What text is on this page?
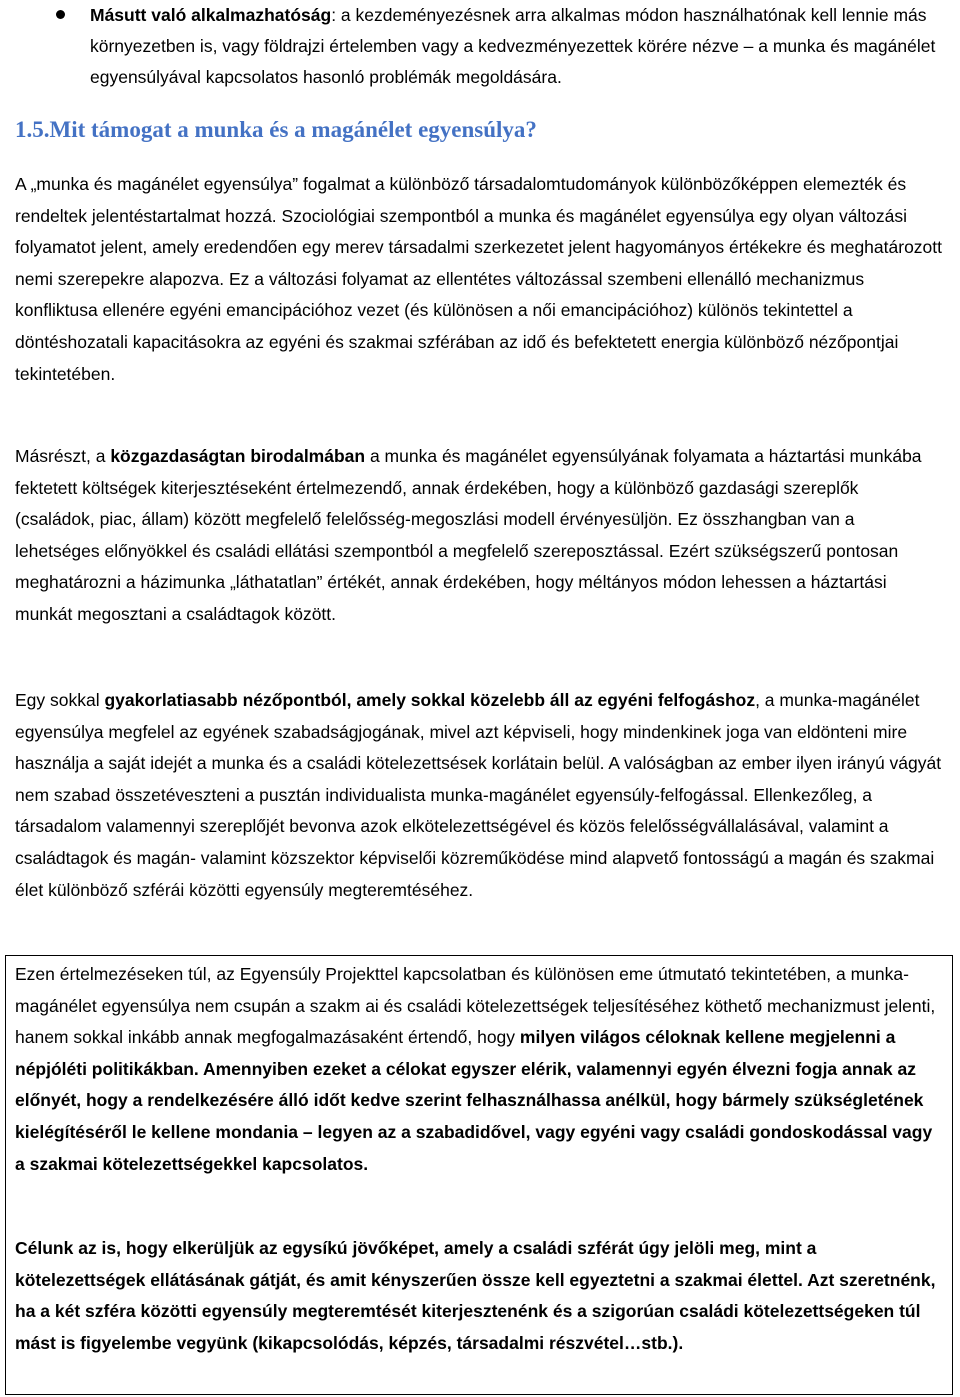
Másutt való alkalmazhatóság: a kezdeményezésnek arra alkalmas módon használhatónak kell lennie más környezetben is, vagy földrajzi értelemben vagy a kedvezményezettek körére nézve – a munka és magánélet egyensúlyával kapcsolatos hasonló problémák megoldására.
1.5.Mit támogat a munka és a magánélet egyensúlya?
A „munka és magánélet egyensúlya” fogalmat a különböző társadalomtudományok különbözőképpen elemezték és rendeltek jelentéstartalmat hozzá. Szociológiai szempontból a munka és magánélet egyensúlya egy olyan változási folyamatot jelent, amely eredendően egy merev társadalmi szerkezetet jelent hagyományos értékekre és meghatározott nemi szerepekre alapozva. Ez a változási folyamat az ellentétes változással szembeni ellenálló mechanizmus konfliktusa ellenére egyéni emancipációhoz vezet (és különösen a női emancipációhoz) különös tekintettel a döntéshozatali kapacitásokra az egyéni és szakmai szférában az idő és befektetett energia különböző nézőpontjai tekintetében.
Másrészt, a közgazdaságtan birodalmában a munka és magánélet egyensúlyának folyamata a háztartási munkába fektetett költségek kiterjesztéseként értelmezendő, annak érdekében, hogy a különböző gazdasági szereplők (családok, piac, állam) között megfelelő felelősség-megoszlási modell érvényesüljön. Ez összhangban van a lehetséges előnyökkel és családi ellátási szempontból a megfelelő szereposztással. Ezért szükségszerű pontosan meghatározni a házimunka „láthatatlan” értékét, annak érdekében, hogy méltányos módon lehessen a háztartási munkát megosztani a családtagok között.
Egy sokkal gyakorlatiasabb nézőpontból, amely sokkal közelebb áll az egyéni felfogáshoz, a munka-magánélet egyensúlya megfelel az egyének szabadságjogának, mivel azt képviseli, hogy mindenkinek joga van eldönteni mire használja a saját idejét a munka és a családi kötelezettsések korlátain belül. A valóságban az ember ilyen irányú vágyát nem szabad összetéveszteni a pusztán individualista munka-magánélet egyensúly-felfogással. Ellenkezőleg, a társadalom valamennyi szereplőjét bevonva azok elkötelezettségével és közös felelősségvállalásával, valamint a családtagok és magán- valamint közszektor képviselői közreműködése mind alapvető fontosságú a magán és szakmai élet különböző szférái közötti egyensúly megteremtéséhez.
Ezen értelmezéseken túl, az Egyensúly Projekttel kapcsolatban és különösen eme útmutató tekintetében, a munka-magánélet egyensúlya nem csupán a szakm ai és családi kötelezettségek teljesítéséhez köthető mechanizmust jelenti, hanem sokkal inkább annak megfogalmazásaként értendő, hogy milyen világos céloknak kellene megjelenni a népjóléti politikákban. Amennyiben ezeket a célokat egyszer elérik, valamennyi egyén élvezni fogja annak az előnyét, hogy a rendelkezésére álló időt kedve szerint felhasználhassa anélkül, hogy bármely szükségletének kielégítéséről le kellene mondania – legyen az a szabadidővel, vagy egyéni vagy családi gondoskodással vagy a szakmai kötelezettségekkel kapcsolatos.
Célunk az is, hogy elkerüljük az egysíkú jövőképet, amely a családi szférát úgy jelöli meg, mint a kötelezettségek ellátásának gátját, és amit kényszerűen össze kell egyeztetni a szakmai élettel. Azt szeretnénk, ha a két szféra közötti egyensúly megteremtését kiterjesztenénk és a szigorúan családi kötelezettségeken túl mást is figyelembe vegyünk (kikapcsolódás, képzés, társadalmi részvétel…stb.).
